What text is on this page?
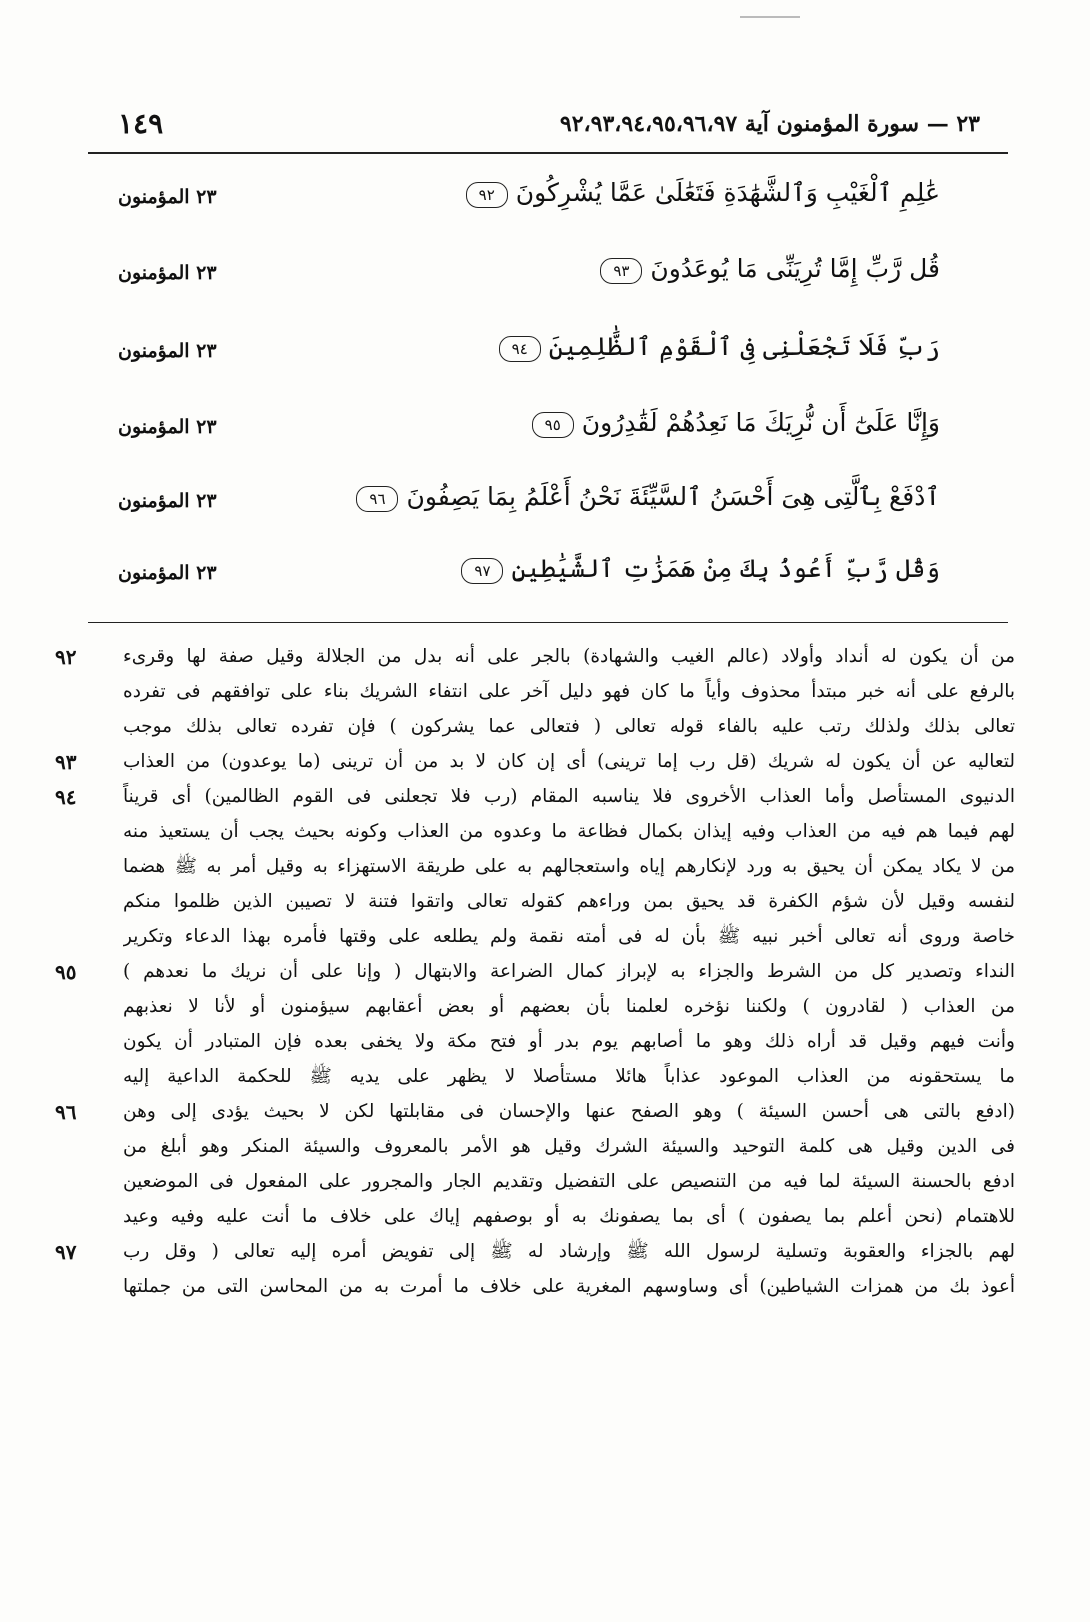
٢٣ — سورة المؤمنون آية ٩٢،٩٣،٩٤،٩٥،٩٦،٩٧
١٤٩
عَٰلِمِ ٱلْغَيْبِ وَٱلشَّهَٰدَةِ فَتَعَٰلَىٰ عَمَّا يُشْرِكُونَ٩٢
٢٣ المؤمنون
قُل رَّبِّ إِمَّا تُرِيَنِّى مَا يُوعَدُونَ٩٣
٢٣ المؤمنون
رَبِّ فَلَا تَجْعَلْنِى فِى ٱلْقَوْمِ ٱلظَّٰلِمِينَ٩٤
٢٣ المؤمنون
وَإِنَّا عَلَىٰٓ أَن نُّرِيَكَ مَا نَعِدُهُمْ لَقَٰدِرُونَ٩٥
٢٣ المؤمنون
ٱدْفَعْ بِٱلَّتِى هِىَ أَحْسَنُ ٱلسَّيِّئَةَ نَحْنُ أَعْلَمُ بِمَا يَصِفُونَ٩٦
٢٣ المؤمنون
وَقُل رَّبِّ أَعُوذُ بِكَ مِنْ هَمَزَٰتِ ٱلشَّيَٰطِينِ٩٧
٢٣ المؤمنون
من أن يكون له أنداد وأولاد (عالم الغيب والشهادة) بالجر على أنه بدل من الجلالة وقيل صفة لها وقرىء
٩٢
بالرفع على أنه خبر مبتدأ محذوف وأياً ما كان فهو دليل آخر على انتفاء الشريك بناء على توافقهم فى تفرده
تعالى بذلك ولذلك رتب عليه بالفاء قوله تعالى ( فتعالى عما يشركون ) فإن تفرده تعالى بذلك موجب
لتعاليه عن أن يكون له شريك (قل رب إما ترينى) أى إن كان لا بد من أن ترينى (ما يوعدون) من العذاب
٩٣
الدنيوى المستأصل وأما العذاب الأخروى فلا يناسبه المقام (رب فلا تجعلنى فى القوم الظالمين) أى قريناً
٩٤
لهم فيما هم فيه من العذاب وفيه إيذان بكمال فظاعة ما وعدوه من العذاب وكونه بحيث يجب أن يستعيذ منه
من لا يكاد يمكن أن يحيق به ورد لإنكارهم إياه واستعجالهم به على طريقة الاستهزاء به وقيل أمر به ﷺ هضما
لنفسه وقيل لأن شؤم الكفرة قد يحيق بمن وراءهم كقوله تعالى واتقوا فتنة لا تصيبن الذين ظلموا منكم
خاصة وروى أنه تعالى أخبر نبيه ﷺ بأن له فى أمته نقمة ولم يطلعه على وقتها فأمره بهذا الدعاء وتكرير
النداء وتصدير كل من الشرط والجزاء به لإبراز كمال الضراعة والابتهال ( وإنا على أن نريك ما نعدهم )
٩٥
من العذاب ( لقادرون ) ولكننا نؤخره لعلمنا بأن بعضهم أو بعض أعقابهم سيؤمنون أو لأنا لا نعذبهم
وأنت فيهم وقيل قد أراه ذلك وهو ما أصابهم يوم بدر أو فتح مكة ولا يخفى بعده فإن المتبادر أن يكون
ما يستحقونه من العذاب الموعود عذاباً هائلا مستأصلا لا يظهر على يديه ﷺ للحكمة الداعية إليه
(ادفع بالتى هى أحسن السيئة ) وهو الصفح عنها والإحسان فى مقابلتها لكن لا بحيث يؤدى إلى وهن
٩٦
فى الدين وقيل هى كلمة التوحيد والسيئة الشرك وقيل هو الأمر بالمعروف والسيئة المنكر وهو أبلغ من
ادفع بالحسنة السيئة لما فيه من التنصيص على التفضيل وتقديم الجار والمجرور على المفعول فى الموضعين
للاهتمام (نحن أعلم بما يصفون ) أى بما يصفونك به أو بوصفهم إياك على خلاف ما أنت عليه وفيه وعيد
لهم بالجزاء والعقوبة وتسلية لرسول الله ﷺ وإرشاد له ﷺ إلى تفويض أمره إليه تعالى ( وقل رب
٩٧
أعوذ بك من همزات الشياطين) أى وساوسهم المغرية على خلاف ما أمرت به من المحاسن التى من جملتها
